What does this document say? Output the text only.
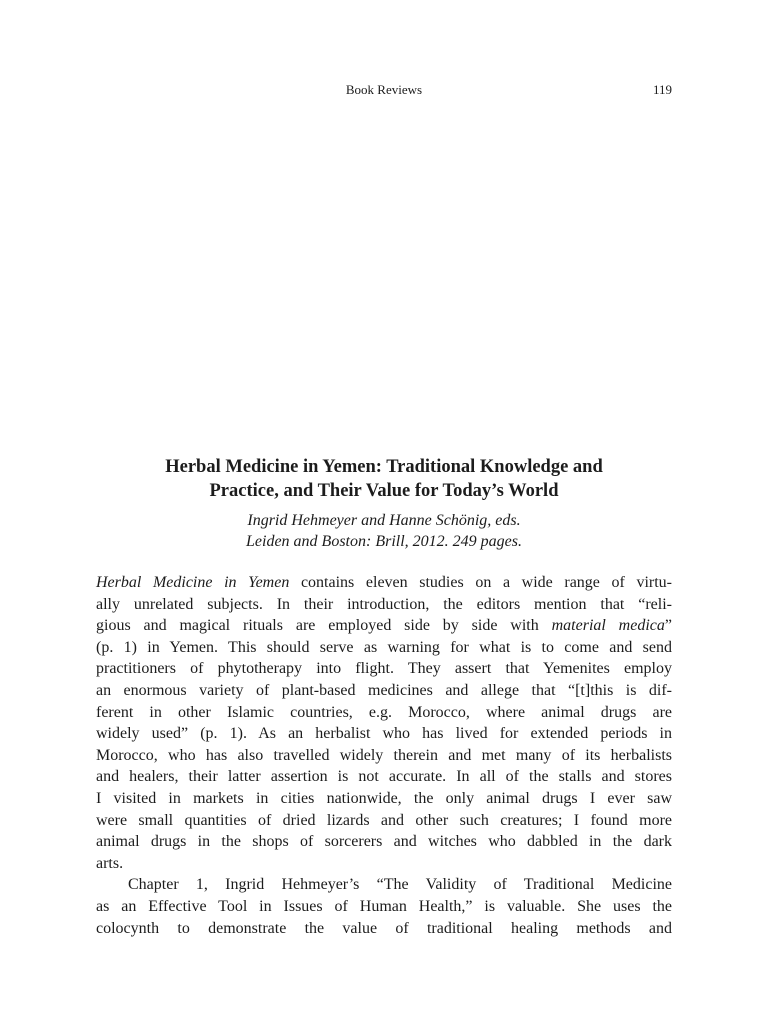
Book Reviews	119
Herbal Medicine in Yemen: Traditional Knowledge and
Practice, and Their Value for Today’s World
Ingrid Hehmeyer and Hanne Schönig, eds.
Leiden and Boston: Brill, 2012. 249 pages.
Herbal Medicine in Yemen contains eleven studies on a wide range of virtu-
ally unrelated subjects. In their introduction, the editors mention that “reli-
gious and magical rituals are employed side by side with material medica”
(p. 1) in Yemen. This should serve as warning for what is to come and send
practitioners of phytotherapy into flight. They assert that Yemenites employ
an enormous variety of plant-based medicines and allege that “[t]this is dif-
ferent in other Islamic countries, e.g. Morocco, where animal drugs are
widely used” (p. 1). As an herbalist who has lived for extended periods in
Morocco, who has also travelled widely therein and met many of its herbalists
and healers, their latter assertion is not accurate. In all of the stalls and stores
I visited in markets in cities nationwide, the only animal drugs I ever saw
were small quantities of dried lizards and other such creatures; I found more
animal drugs in the shops of sorcerers and witches who dabbled in the dark
arts.
Chapter 1, Ingrid Hehmeyer’s “The Validity of Traditional Medicine
as an Effective Tool in Issues of Human Health,” is valuable. She uses the
colocynth to demonstrate the value of traditional healing methods and
